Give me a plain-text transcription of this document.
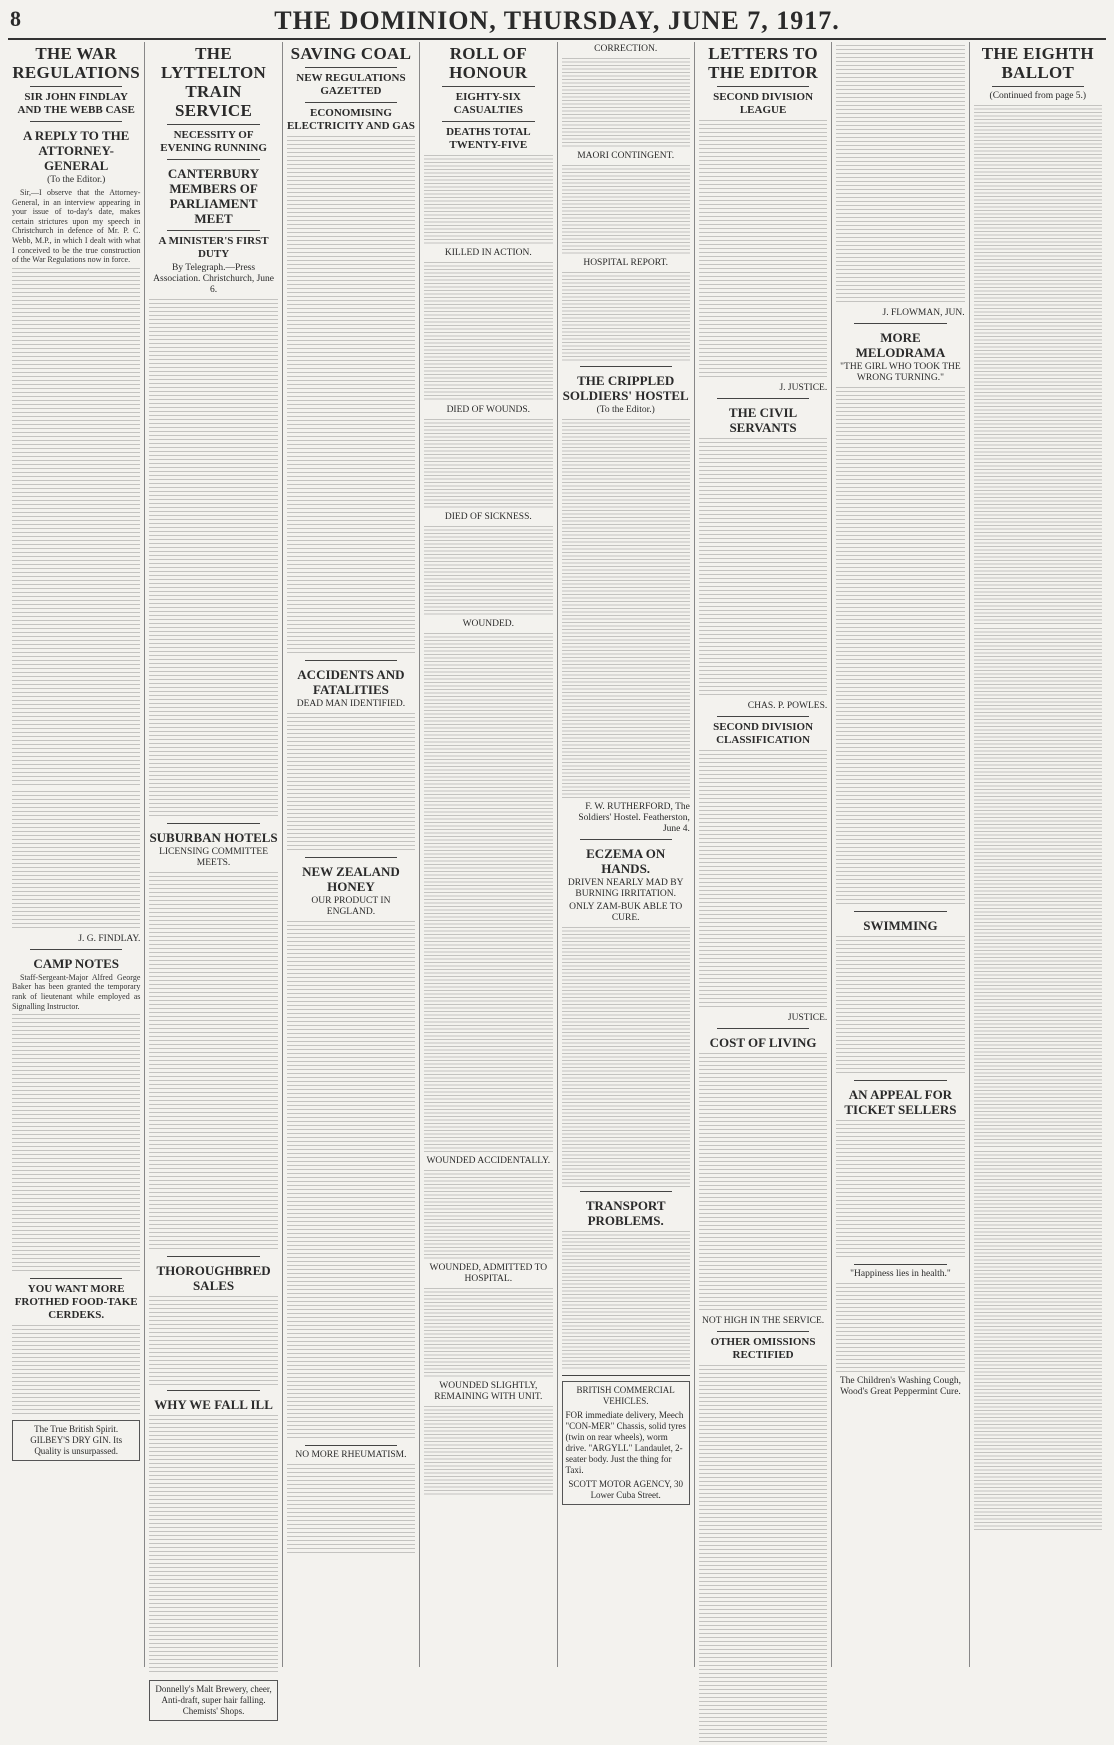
8	THE DOMINION, THURSDAY, JUNE 7, 1917.
THE WAR REGULATIONS
SIR JOHN FINDLAY AND THE WEBB CASE
A REPLY TO THE ATTORNEY-GENERAL
(To the Editor.)
Sir,—I observe that the Attorney-General, in an interview appearing in your issue of to-day's date, makes certain strictures upon my speech in Christchurch in defence of Mr. P. C. Webb, M.P., in which I dealt with what I conceived to be the true construction of the War Regulations now in force.
J. G. FINDLAY.
CAMP NOTES
Staff-Sergeant-Major Alfred George Baker has been granted the temporary rank of lieutenant while employed as Signalling Instructor.
YOU WANT MORE FROTHED FOOD-TAKE CERDEKS.
The True British Spirit. GILBEY'S DRY GIN. Its Quality is unsurpassed.
THE LYTTELTON TRAIN SERVICE
NECESSITY OF EVENING RUNNING
CANTERBURY MEMBERS OF PARLIAMENT MEET
A MINISTER'S FIRST DUTY
By Telegraph.—Press Association. Christchurch, June 6.
SUBURBAN HOTELS
LICENSING COMMITTEE MEETS.
THOROUGHBRED SALES
WHY WE FALL ILL
Donnelly's Malt Brewery, cheer, Anti-draft, super hair falling. Chemists' Shops.
SAVING COAL
NEW REGULATIONS GAZETTED
ECONOMISING ELECTRICITY AND GAS
ACCIDENTS AND FATALITIES
DEAD MAN IDENTIFIED.
NEW ZEALAND HONEY
OUR PRODUCT IN ENGLAND.
NO MORE RHEUMATISM.
ROLL OF HONOUR
EIGHTY-SIX CASUALTIES
DEATHS TOTAL TWENTY-FIVE
KILLED IN ACTION.
DIED OF WOUNDS.
DIED OF SICKNESS.
WOUNDED.
WOUNDED ACCIDENTALLY.
WOUNDED, ADMITTED TO HOSPITAL.
WOUNDED SLIGHTLY, REMAINING WITH UNIT.
CORRECTION.
MAORI CONTINGENT.
HOSPITAL REPORT.
THE CRIPPLED SOLDIERS' HOSTEL
(To the Editor.)
F. W. RUTHERFORD, The Soldiers' Hostel. Featherston, June 4.
ECZEMA ON HANDS.
DRIVEN NEARLY MAD BY BURNING IRRITATION.
ONLY ZAM-BUK ABLE TO CURE.
TRANSPORT PROBLEMS.
BRITISH COMMERCIAL VEHICLES.
FOR immediate delivery, Meech "CON-MER" Chassis, solid tyres (twin on rear wheels), worm drive. "ARGYLL" Landaulet, 2-seater body. Just the thing for Taxi.
SCOTT MOTOR AGENCY, 30 Lower Cuba Street.
LETTERS TO THE EDITOR
SECOND DIVISION LEAGUE
J. JUSTICE.
THE CIVIL SERVANTS
CHAS. P. POWLES.
SECOND DIVISION CLASSIFICATION
JUSTICE.
COST OF LIVING
NOT HIGH IN THE SERVICE.
OTHER OMISSIONS RECTIFIED
J. FLOWMAN, JUN.
MORE MELODRAMA
"THE GIRL WHO TOOK THE WRONG TURNING."
SWIMMING
AN APPEAL FOR TICKET SELLERS
"Happiness lies in health."
The Children's Washing Cough, Wood's Great Peppermint Cure.
THE EIGHTH BALLOT
(Continued from page 5.)
